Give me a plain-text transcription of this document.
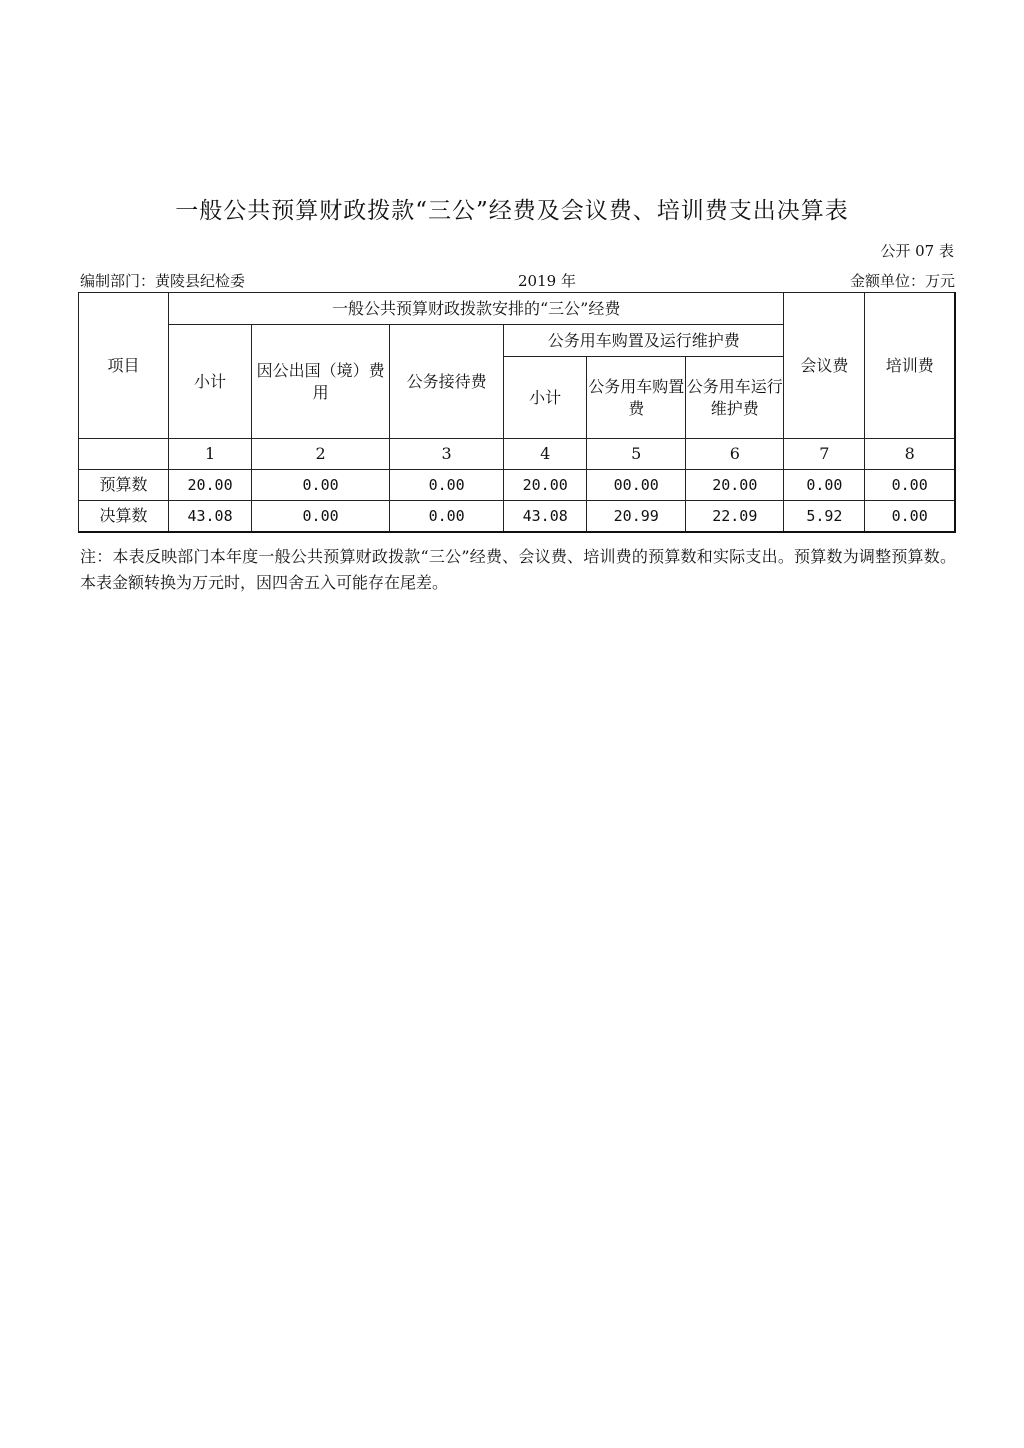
一般公共预算财政拨款“三公”经费及会议费、培训费支出决算表
公开 07 表
编制部门：黄陵县纪检委	2019 年	金额单位：万元
项目	一般公共预算财政拨款安排的“三公”经费						会议费	培训费
	小计	因公出国（境）费用	公务接待费	公务用车购置及运行维护费				
				小计	公务用车购置费	公务用车运行维护费		

	1	2	3	4	5	6	7	8
预算数	20.00	0.00	0.00	20.00	00.00	20.00	0.00	0.00
决算数	43.08	0.00	0.00	43.08	20.99	22.09	5.92	0.00
注：本表反映部门本年度一般公共预算财政拨款“三公”经费、会议费、培训费的预算数和实际支出。预算数为调整预算数。本表金额转换为万元时，因四舍五入可能存在尾差。
